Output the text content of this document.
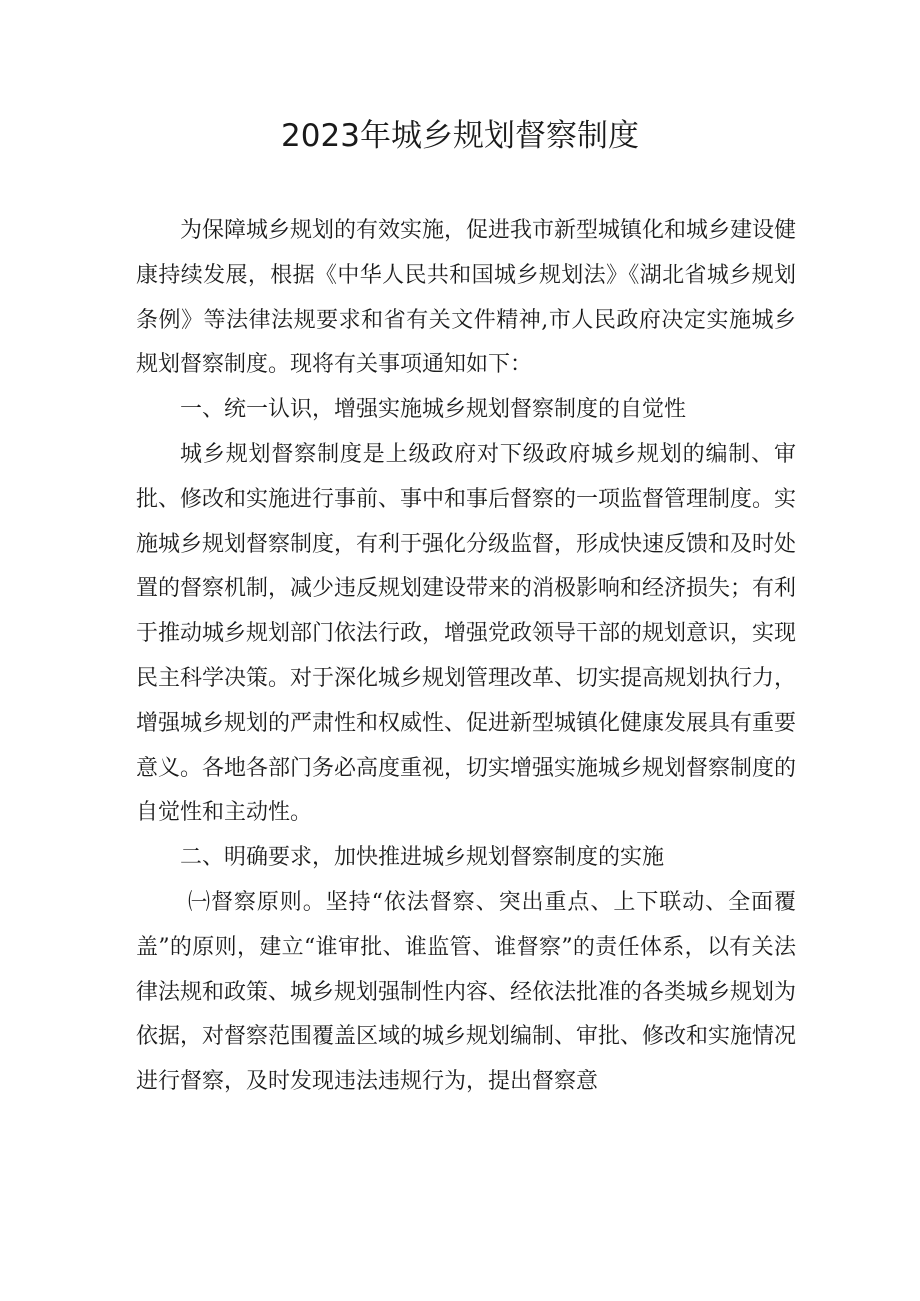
2023年城乡规划督察制度

为保障城乡规划的有效实施，促进我市新型城镇化和城乡建设健康持续发展，根据《中华人民共和国城乡规划法》《湖北省城乡规划条例》等法律法规要求和省有关文件精神,市人民政府决定实施城乡规划督察制度。现将有关事项通知如下：

一、统一认识，增强实施城乡规划督察制度的自觉性

城乡规划督察制度是上级政府对下级政府城乡规划的编制、审批、修改和实施进行事前、事中和事后督察的一项监督管理制度。实施城乡规划督察制度，有利于强化分级监督，形成快速反馈和及时处置的督察机制，减少违反规划建设带来的消极影响和经济损失；有利于推动城乡规划部门依法行政，增强党政领导干部的规划意识，实现民主科学决策。对于深化城乡规划管理改革、切实提高规划执行力，增强城乡规划的严肃性和权威性、促进新型城镇化健康发展具有重要意义。各地各部门务必高度重视，切实增强实施城乡规划督察制度的自觉性和主动性。

二、明确要求，加快推进城乡规划督察制度的实施

㈠督察原则。坚持“依法督察、突出重点、上下联动、全面覆盖”的原则，建立“谁审批、谁监管、谁督察”的责任体系，以有关法律法规和政策、城乡规划强制性内容、经依法批准的各类城乡规划为依据，对督察范围覆盖区域的城乡规划编制、审批、修改和实施情况进行督察，及时发现违法违规行为，提出督察意
